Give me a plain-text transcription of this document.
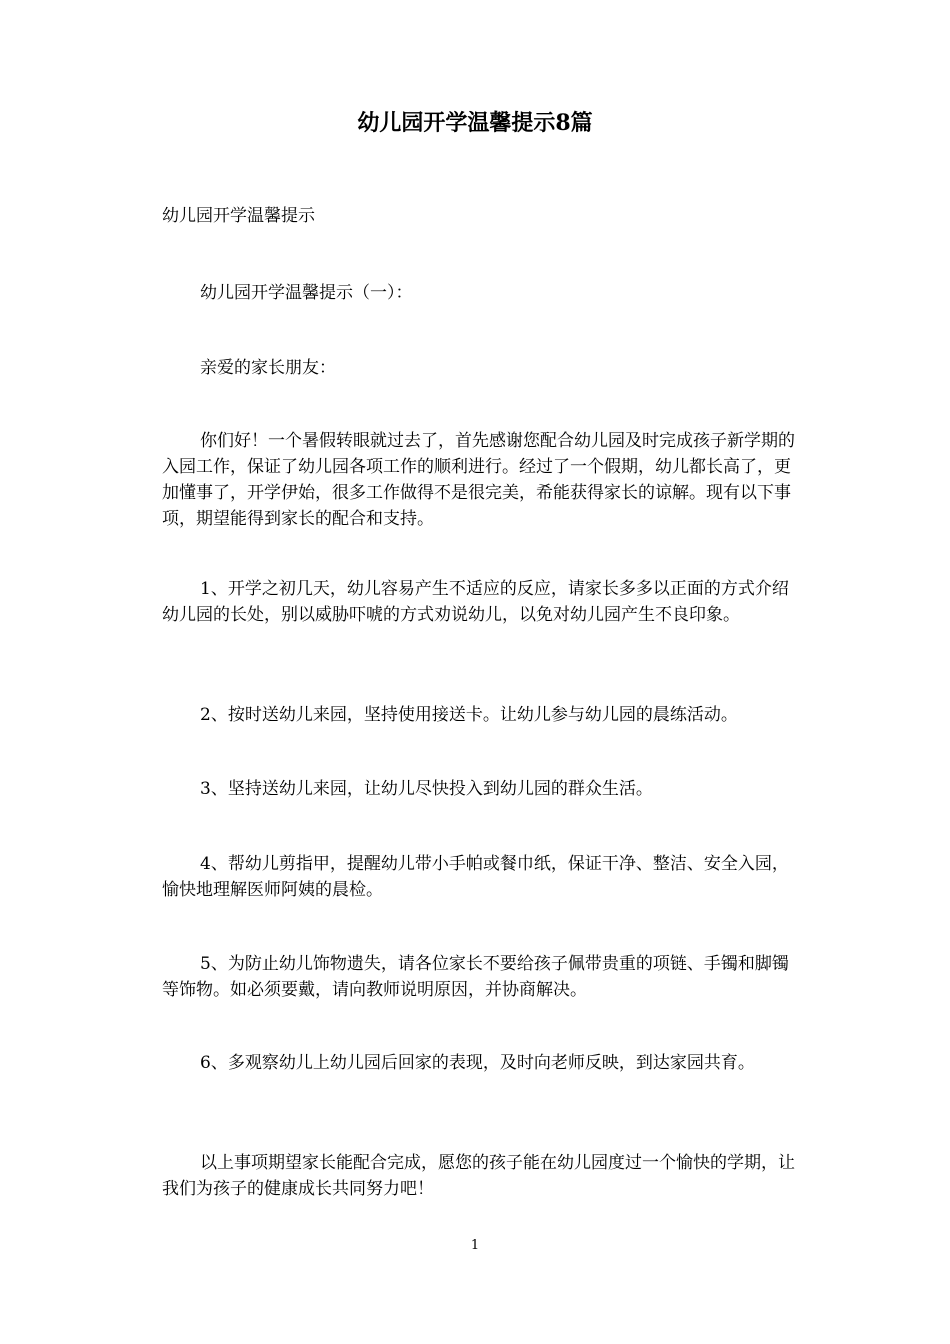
幼儿园开学温馨提示8篇

幼儿园开学温馨提示

幼儿园开学温馨提示（一）：

亲爱的家长朋友：

你们好！一个暑假转眼就过去了，首先感谢您配合幼儿园及时完成孩子新学期的入园工作，保证了幼儿园各项工作的顺利进行。经过了一个假期，幼儿都长高了，更加懂事了，开学伊始，很多工作做得不是很完美，希能获得家长的谅解。现有以下事项，期望能得到家长的配合和支持。

1、开学之初几天，幼儿容易产生不适应的反应，请家长多多以正面的方式介绍幼儿园的长处，别以威胁吓唬的方式劝说幼儿，以免对幼儿园产生不良印象。

2、按时送幼儿来园，坚持使用接送卡。让幼儿参与幼儿园的晨练活动。

3、坚持送幼儿来园，让幼儿尽快投入到幼儿园的群众生活。

4、帮幼儿剪指甲，提醒幼儿带小手帕或餐巾纸，保证干净、整洁、安全入园，愉快地理解医师阿姨的晨检。

5、为防止幼儿饰物遗失，请各位家长不要给孩子佩带贵重的项链、手镯和脚镯等饰物。如必须要戴，请向教师说明原因，并协商解决。

6、多观察幼儿上幼儿园后回家的表现，及时向老师反映，到达家园共育。

以上事项期望家长能配合完成，愿您的孩子能在幼儿园度过一个愉快的学期，让我们为孩子的健康成长共同努力吧！

1
